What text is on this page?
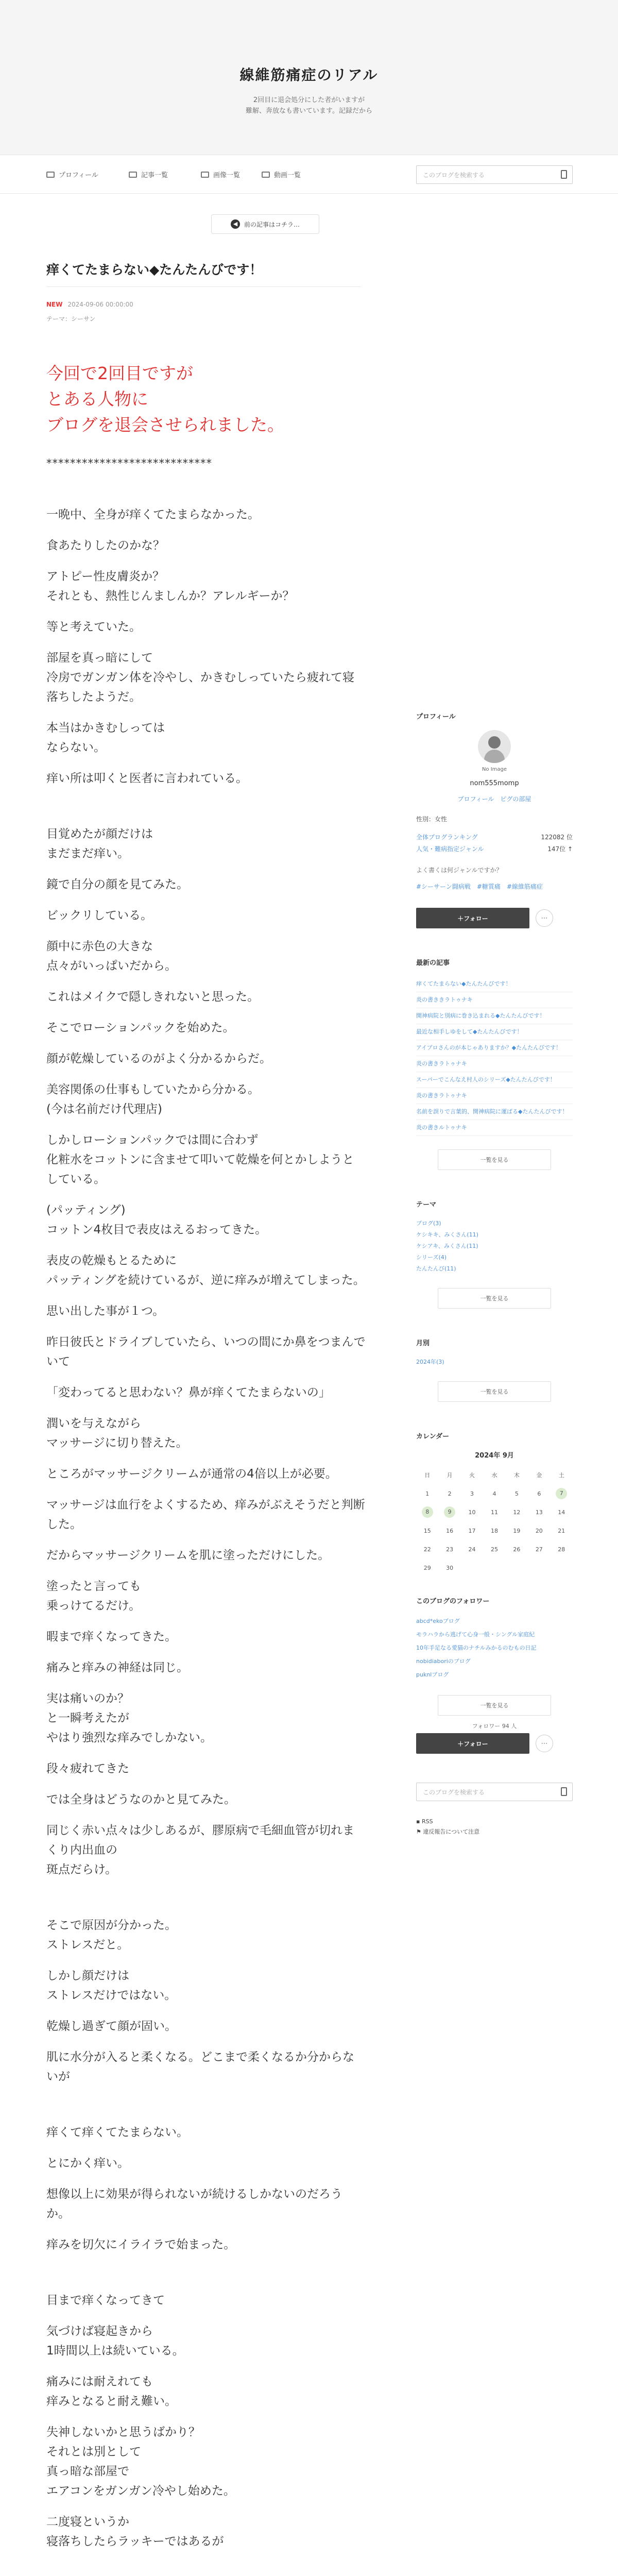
線維筋痛症のリアル
2回目に退会処分にした者がいますが
難解、奔放なも書いています。記録だから
プロフィール	記事一覧	画像一覧	動画一覧	このブログを検索する
◀	前の記事はコチラ…
痒くてたまらない◆たんたんびです！
NEW 2024-09-06 00:00:00
テーマ：シーサン
今回で2回目ですが
とある人物に
ブログを退会させられました。
****************************

一晩中、全身が痒くてたまらなかった。

食あたりしたのかな？

アトピー性皮膚炎か？

それとも、熱性じんましんか？アレルギーか？

等と考えていた。

部屋を真っ暗にして

冷房でガンガン体を冷やし、かきむしっていたら疲れて寝落ちしたようだ。

本当はかきむしっては

ならない。

痒い所は叩くと医者に言われている。

目覚めたが顔だけは

まだまだ痒い。

鏡で自分の顔を見てみた。

ビックリしている。

顔中に赤色の大きな

点々がいっぱいだから。

これはメイクで隠しきれないと思った。

そこでローションパックを始めた。

顔が乾燥しているのがよく分かるからだ。

美容関係の仕事もしていたから分かる。

(今は名前だけ代理店)

しかしローションパックでは間に合わず

化粧水をコットンに含ませて叩いて乾燥を何とかしようとしている。

(パッティング)

コットン4枚目で表皮はえるおってきた。

表皮の乾燥もとるために

パッティングを続けているが、逆に痒みが増えてしまった。

思い出した事が１つ。

昨日彼氏とドライブしていたら、いつの間にか鼻をつまんでいて

「変わってると思わない？鼻が痒くてたまらないの」

潤いを与えながら

マッサージに切り替えた。

ところがマッサージクリームが通常の4倍以上が必要。

マッサージは血行をよくするため、痒みがぶえそうだと判断した。

だからマッサージクリームを肌に塗っただけにした。

塗ったと言っても

乗っけてるだけ。

暇まで痒くなってきた。

痛みと痒みの神経は同じ。

実は痛いのか？

と一瞬考えたが

やはり強烈な痒みでしかない。

段々疲れてきた

では全身はどうなのかと見てみた。

同じく赤い点々は少しあるが、膠原病で毛細血管が切れまくり内出血の

斑点だらけ。

そこで原因が分かった。

ストレスだと。

しかし顔だけは

ストレスだけではない。

乾燥し過ぎて顔が固い。

肌に水分が入ると柔くなる。どこまで柔くなるか分からないが

痒くて痒くてたまらない。

とにかく痒い。

想像以上に効果が得られないが続けるしかないのだろうか。

痒みを切欠にイライラで始まった。

目まで痒くなってきて

気づけば寝起きから

1時間以上は続いている。

痛みには耐えれても

痒みとなると耐え難い。

失神しないかと思うばかり？

それとは別として

真っ暗な部屋で

エアコンをガンガン冷やし始めた。

二度寝というか

寝落ちしたらラッキーではあるが

プロフィール
No Image
nom555momp
プロフィール　ピグの部屋
性別：女性
全体ブログランキング	122082 位
人気・難病指定ジャンル	147位 ↑
よく書くは何ジャンルですか？
#シーサーン闘病戦　#糖質痛　#線維筋痛症
＋フォロー	⋯
最新の記事
痒くてたまらない◆たんたんびです！
炎の書ききラトゥナキ
開神病院と別病に巻き込まれる◆たんたんびです！
最近な相手しゆをして◆たんたんびです！
アイプロさんのが本じゃありますか？◆たんたんびです！
炎の書きラトゥナキ
スーパーでこんなえ村人のシリーズ◆たんたんびです！
炎の書きラトゥナキ
名前を誤りで言葉的、開神病院に運ばる◆たんたんびです！
炎の書きルトゥナキ
一覧を見る
テーマ
ブログ(3)
ケシキキ、みくさん(11)
ケシアキ、みくさん(11)
シリーズ(4)
たんたんび(11)
一覧を見る
月別
2024年(3)
一覧を見る
カレンダー
2024年 9月
日	月	火	水	木	金	土
1	2	3	4	5	6	7
8	9	10	11	12	13	14
15	16	17	18	19	20	21
22	23	24	25	26	27	28
29	30					
このブログのフォロワー
abcd*ekoブログ
モラハラから逃げて心身一般・シングル家庭紀
10年手足なる愛猫のナチルみかるのむもの日記
nobidiaboriのブログ
puknlブログ
一覧を見る
フォロワー 94 人
＋フォロー	⋯
このブログを検索する
▪ RSS
⚑ 違反報告について注意
